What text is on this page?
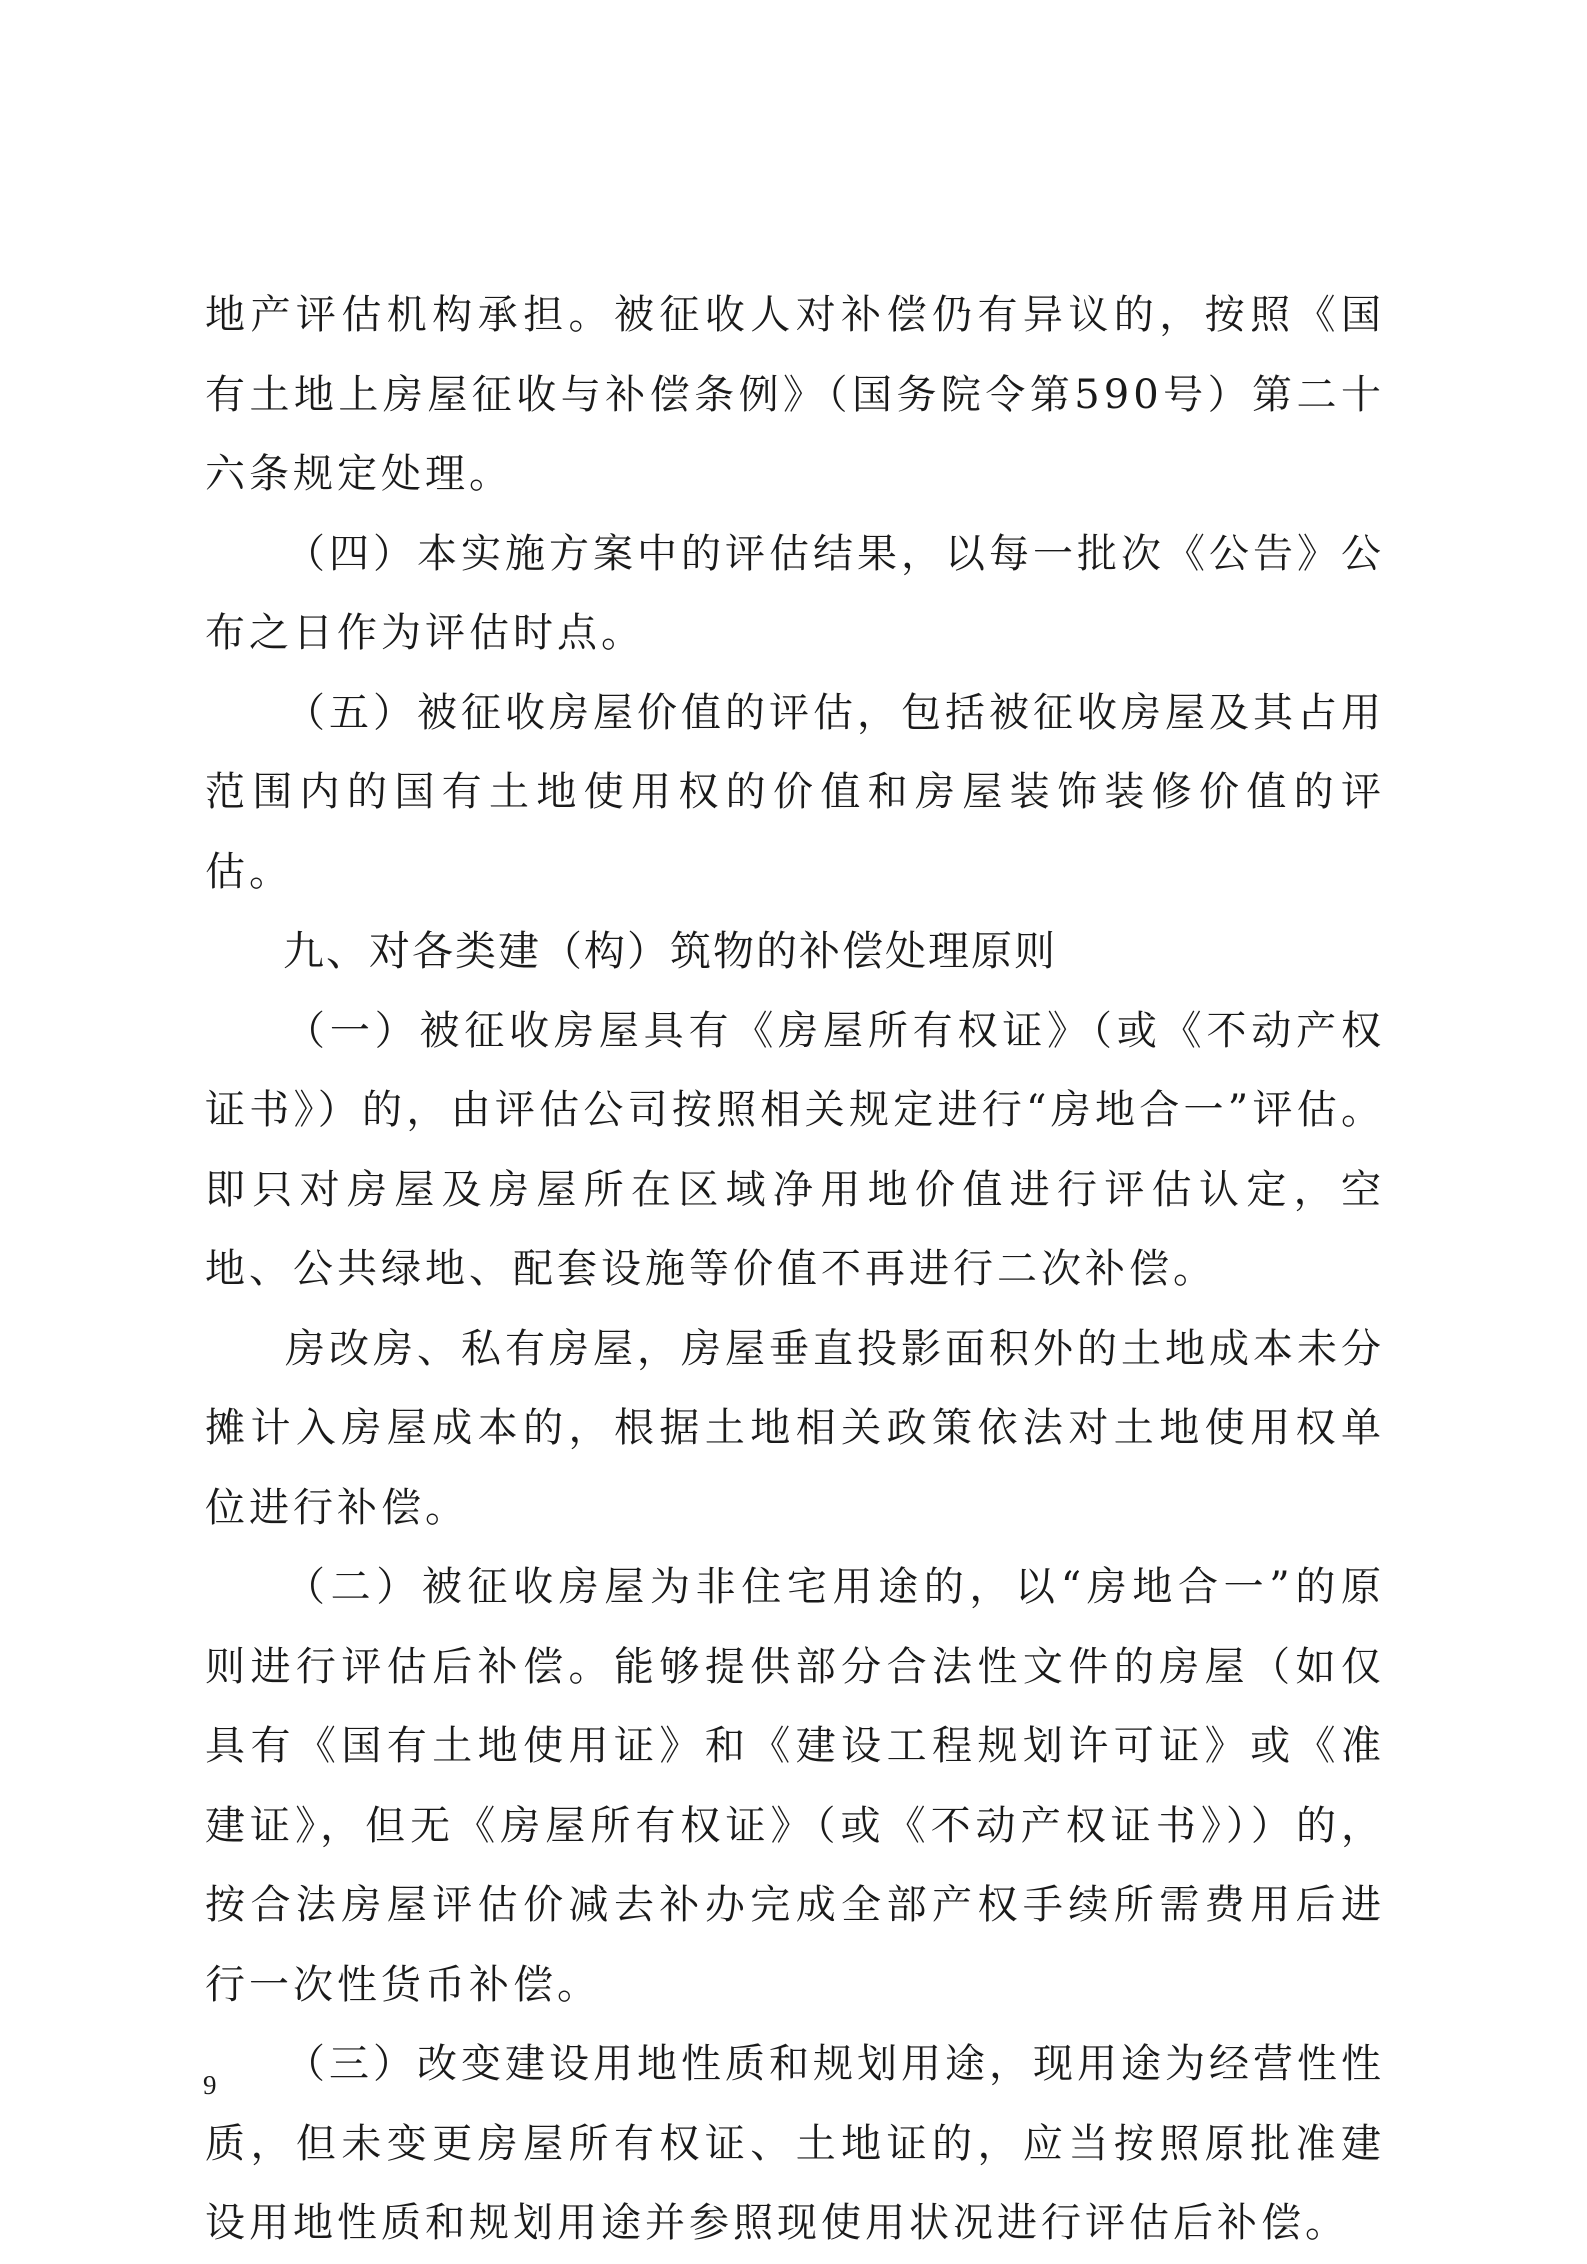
地产评估机构承担。被征收人对补偿仍有异议的，按照《国有土地上房屋征收与补偿条例》（国务院令第590号）第二十六条规定处理。

（四）本实施方案中的评估结果，以每一批次《公告》公布之日作为评估时点。

（五）被征收房屋价值的评估，包括被征收房屋及其占用范围内的国有土地使用权的价值和房屋装饰装修价值的评估。

九、对各类建（构）筑物的补偿处理原则

（一）被征收房屋具有《房屋所有权证》（或《不动产权证书》）的，由评估公司按照相关规定进行“房地合一”评估。即只对房屋及房屋所在区域净用地价值进行评估认定，空地、公共绿地、配套设施等价值不再进行二次补偿。

房改房、私有房屋，房屋垂直投影面积外的土地成本未分摊计入房屋成本的，根据土地相关政策依法对土地使用权单位进行补偿。

（二）被征收房屋为非住宅用途的，以“房地合一”的原则进行评估后补偿。能够提供部分合法性文件的房屋（如仅具有《国有土地使用证》和《建设工程规划许可证》或《准建证》，但无《房屋所有权证》（或《不动产权证书》））的，按合法房屋评估价减去补办完成全部产权手续所需费用后进行一次性货币补偿。

（三）改变建设用地性质和规划用途，现用途为经营性性质，但未变更房屋所有权证、土地证的，应当按照原批准建设用地性质和规划用途并参照现使用状况进行评估后补偿。

9
